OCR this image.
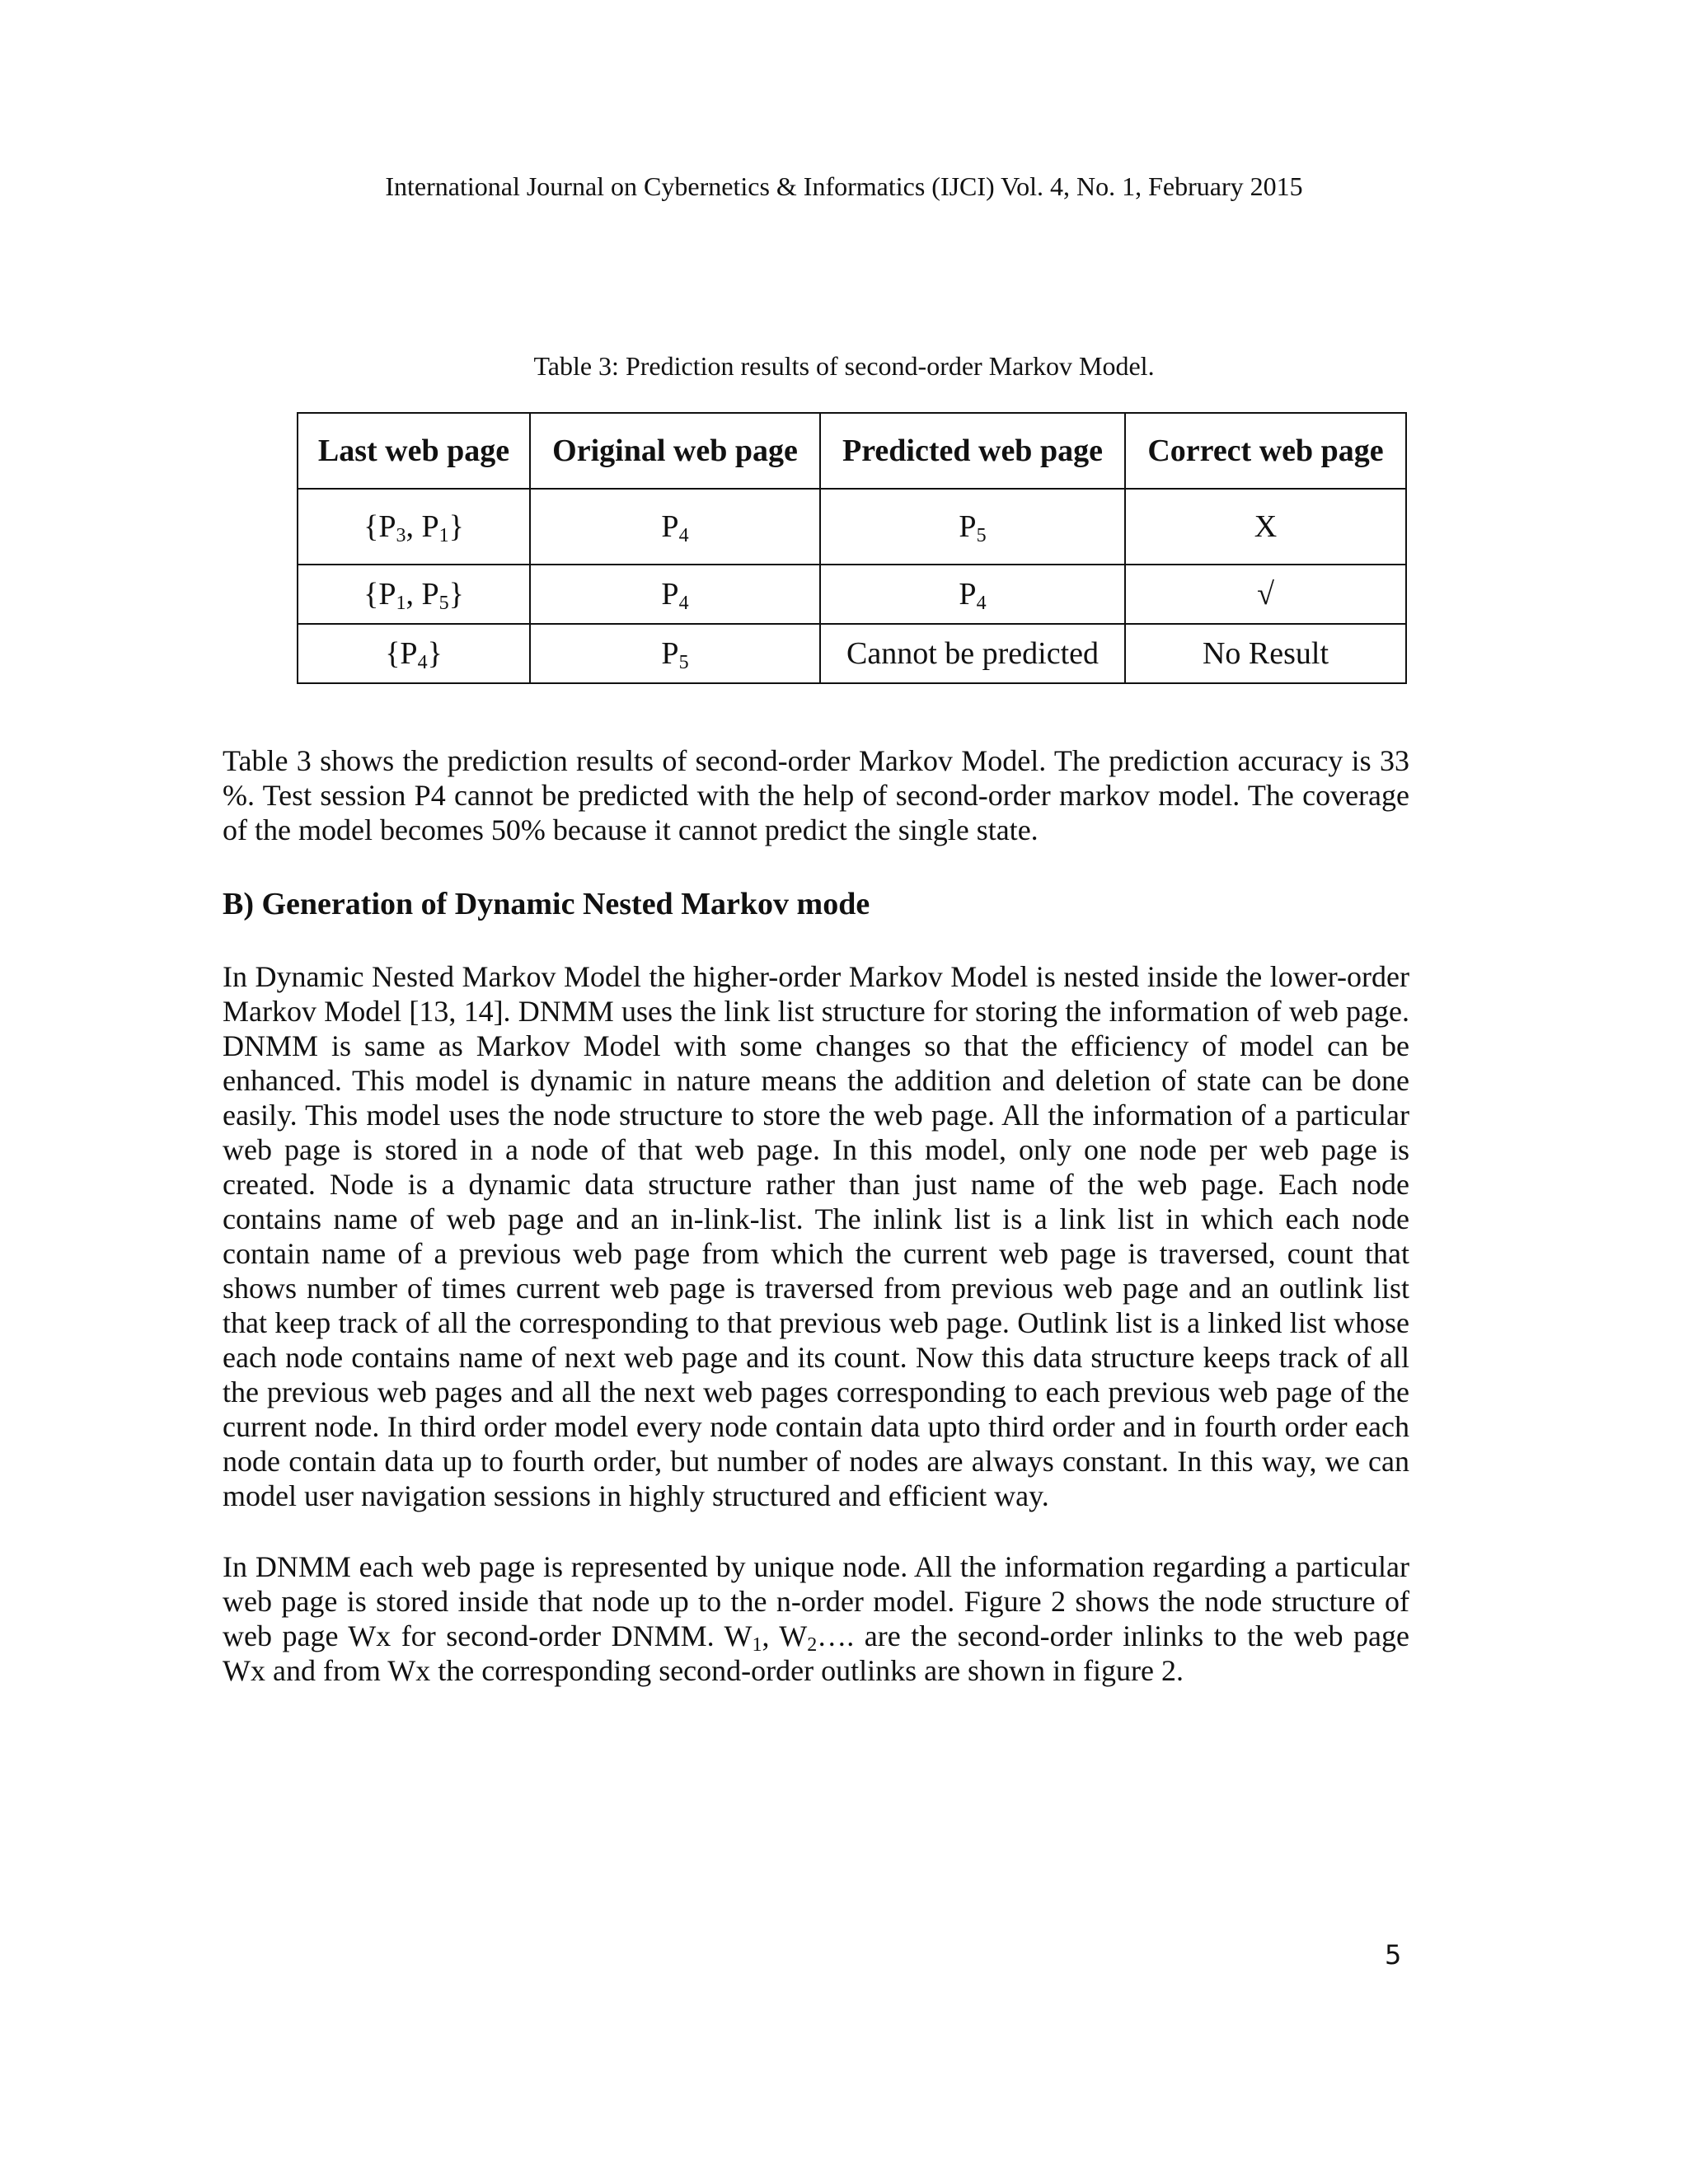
International Journal on Cybernetics & Informatics (IJCI) Vol. 4, No. 1, February 2015
Table 3: Prediction results of second-order Markov Model.
Last web page	Original web page	Predicted web page	Correct web page
{$P_3$, $P_1$}	$P_4$	$P_5$	X
{$P_1$, $P_5$}	$P_4$	$P_4$	√
$\{P_4\}$	$P_5$	Cannot be predicted	No Result

Table 3 shows the prediction results of second-order Markov Model. The prediction accuracy is 33 %. Test session P4 cannot be predicted with the help of second-order markov model. The coverage of the model becomes 50% because it cannot predict the single state.

B) Generation of Dynamic Nested Markov mode

In Dynamic Nested Markov Model the higher-order Markov Model is nested inside the lower-order Markov Model [13, 14]. DNMM uses the link list structure for storing the information of web page. DNMM is same as Markov Model with some changes so that the efficiency of model can be enhanced. This model is dynamic in nature means the addition and deletion of state can be done easily. This model uses the node structure to store the web page. All the information of a particular web page is stored in a node of that web page. In this model, only one node per web page is created. Node is a dynamic data structure rather than just name of the web page. Each node contains name of web page and an in-link-list. The inlink list is a link list in which each node contain name of a previous web page from which the current web page is traversed, count that shows number of times current web page is traversed from previous web page and an outlink list that keep track of all the corresponding to that previous web page. Outlink list is a linked list whose each node contains name of next web page and its count. Now this data structure keeps track of all the previous web pages and all the next web pages corresponding to each previous web page of the current node. In third order model every node contain data upto third order and in fourth order each node contain data up to fourth order, but number of nodes are always constant. In this way, we can model user navigation sessions in highly structured and efficient way.

In DNMM each web page is represented by unique node. All the information regarding a particular web page is stored inside that node up to the n-order model. Figure 2 shows the node structure of web page Wx for second-order DNMM. $W_1$, $W_2\dots$. are the second-order inlinks to the web page Wx and from Wx the corresponding second-order outlinks are shown in figure 2.

5
